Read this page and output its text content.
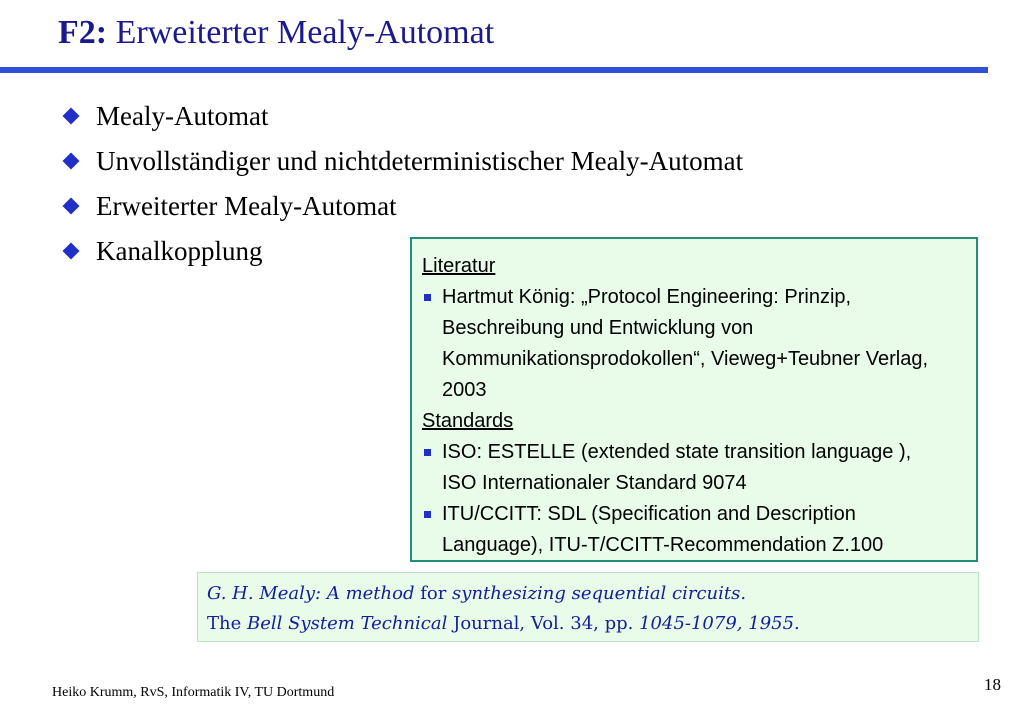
F2: Erweiterter Mealy-Automat
Mealy-Automat
Unvollständiger und nichtdeterministischer Mealy-Automat
Erweiterter Mealy-Automat
Kanalkopplung	Literatur
Hartmut König: „Protocol Engineering: Prinzip,
Beschreibung und Entwicklung von
Kommunikationsprodokollen“, Vieweg+Teubner Verlag,
2003
Standards
ISO: ESTELLE (extended state transition language ),
ISO Internationaler Standard 9074
ITU/CCITT: SDL (Specification and Description
Language), ITU-T/CCITT-Recommendation Z.100
G. H. Mealy: A method for synthesizing sequential circuits.
The Bell System Technical Journal, Vol. 34, pp. 1045-1079, 1955.
Heiko Krumm, RvS, Informatik IV, TU Dortmund	18
